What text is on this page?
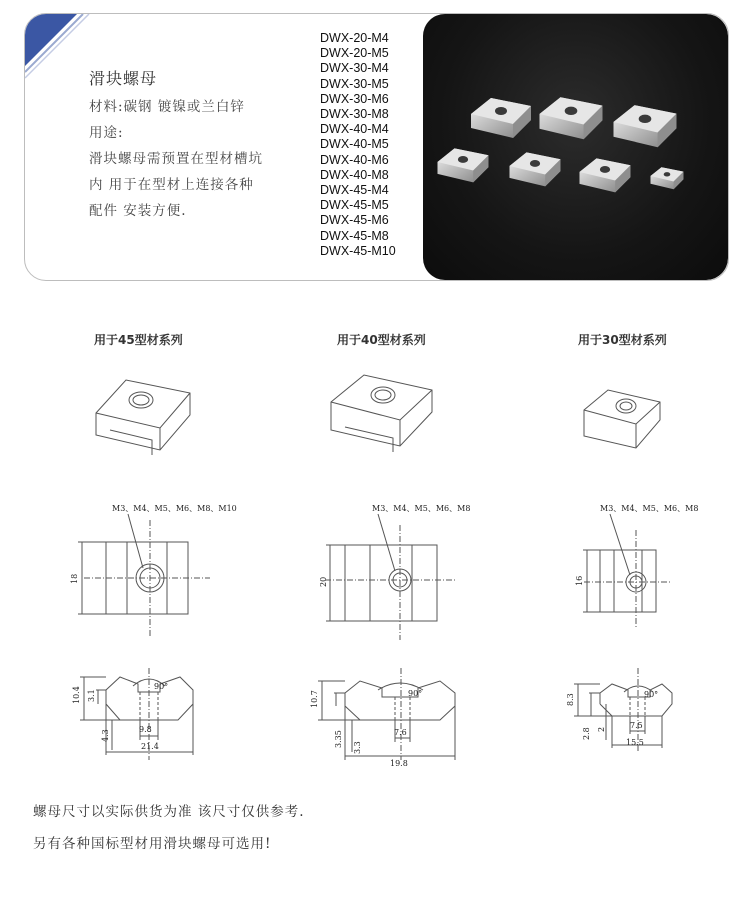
滑块螺母
材料:碳钢 镀镍或兰白锌
用途:
滑块螺母需预置在型材槽坑
内 用于在型材上连接各种
配件 安装方便.
DWX-20-M4
DWX-20-M5
DWX-30-M4
DWX-30-M5
DWX-30-M6
DWX-30-M8
DWX-40-M4
DWX-40-M5
DWX-40-M6
DWX-40-M8
DWX-45-M4
DWX-45-M5
DWX-45-M6
DWX-45-M8
DWX-45-M10
用于45型材系列	用于40型材系列	用于30型材系列
M3、M4、M5、M6、M8、M10	M3、M4、M5、M6、M8	M3、M4、M5、M6、M8
18	20	16
10.4 3.1
4.3
90°
9.8
21.4
10.7
3.35 3.3
90°
7.6
19.8
8.3
2.8 2
90°
7.5
15.5
螺母尺寸以实际供货为准 该尺寸仅供参考.
另有各种国标型材用滑块螺母可选用!
